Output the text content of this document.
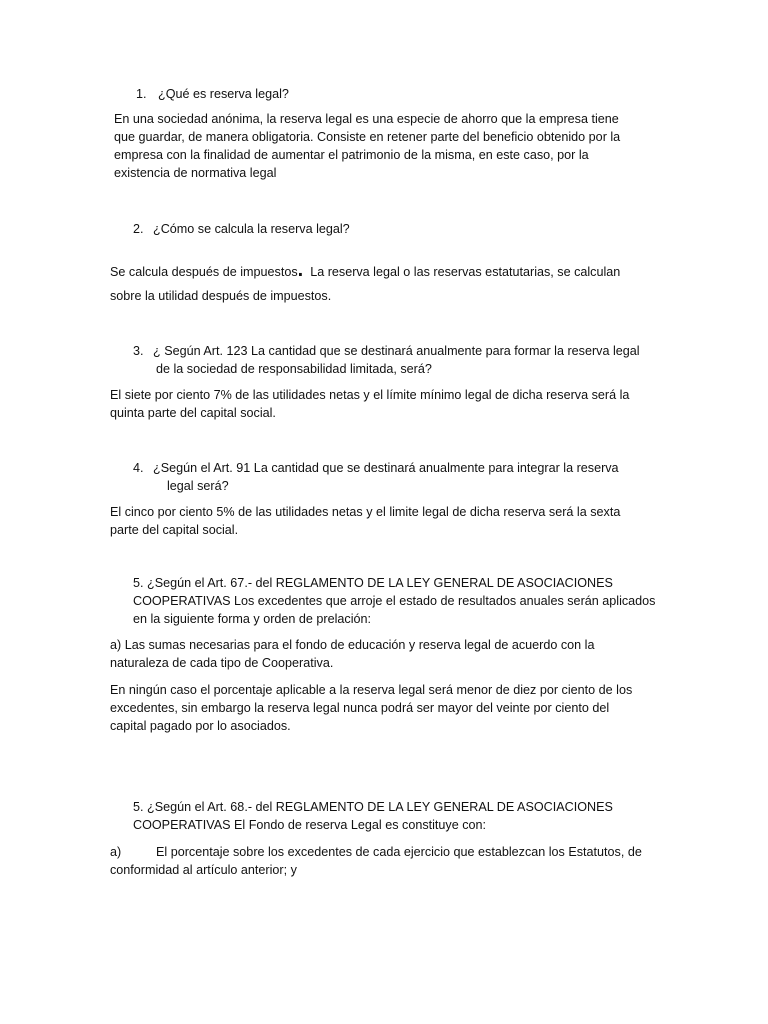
1. ¿Qué es reserva legal?
En una sociedad anónima, la reserva legal es una especie de ahorro que la empresa tiene
que guardar, de manera obligatoria. Consiste en retener parte del beneficio obtenido por la
empresa con la finalidad de aumentar el patrimonio de la misma, en este caso, por la
existencia de normativa legal
2. ¿Cómo se calcula la reserva legal?
Se calcula después de impuestos. La reserva legal o las reservas estatutarias, se calculan
sobre la utilidad después de impuestos.
3. ¿ Según Art. 123 La cantidad que se destinará anualmente para formar la reserva legal
de la sociedad de responsabilidad limitada, será?
El siete por ciento 7% de las utilidades netas y el límite mínimo legal de dicha reserva será la
quinta parte del capital social.
4. ¿Según el Art. 91 La cantidad que se destinará anualmente para integrar la reserva
legal será?
El cinco por ciento 5% de las utilidades netas y el limite legal de dicha reserva será la sexta
parte del capital social.
5. ¿Según el Art. 67.- del REGLAMENTO DE LA LEY GENERAL DE ASOCIACIONES
COOPERATIVAS Los excedentes que arroje el estado de resultados anuales serán aplicados
en la siguiente forma y orden de prelación:
a) Las sumas necesarias para el fondo de educación y reserva legal de acuerdo con la
naturaleza de cada tipo de Cooperativa.
En ningún caso el porcentaje aplicable a la reserva legal será menor de diez por ciento de los
excedentes, sin embargo la reserva legal nunca podrá ser mayor del veinte por ciento del
capital pagado por lo asociados.
5. ¿Según el Art. 68.- del REGLAMENTO DE LA LEY GENERAL DE ASOCIACIONES
COOPERATIVAS El Fondo de reserva Legal es constituye con:
a)	El porcentaje sobre los excedentes de cada ejercicio que establezcan los Estatutos, de
conformidad al artículo anterior; y
